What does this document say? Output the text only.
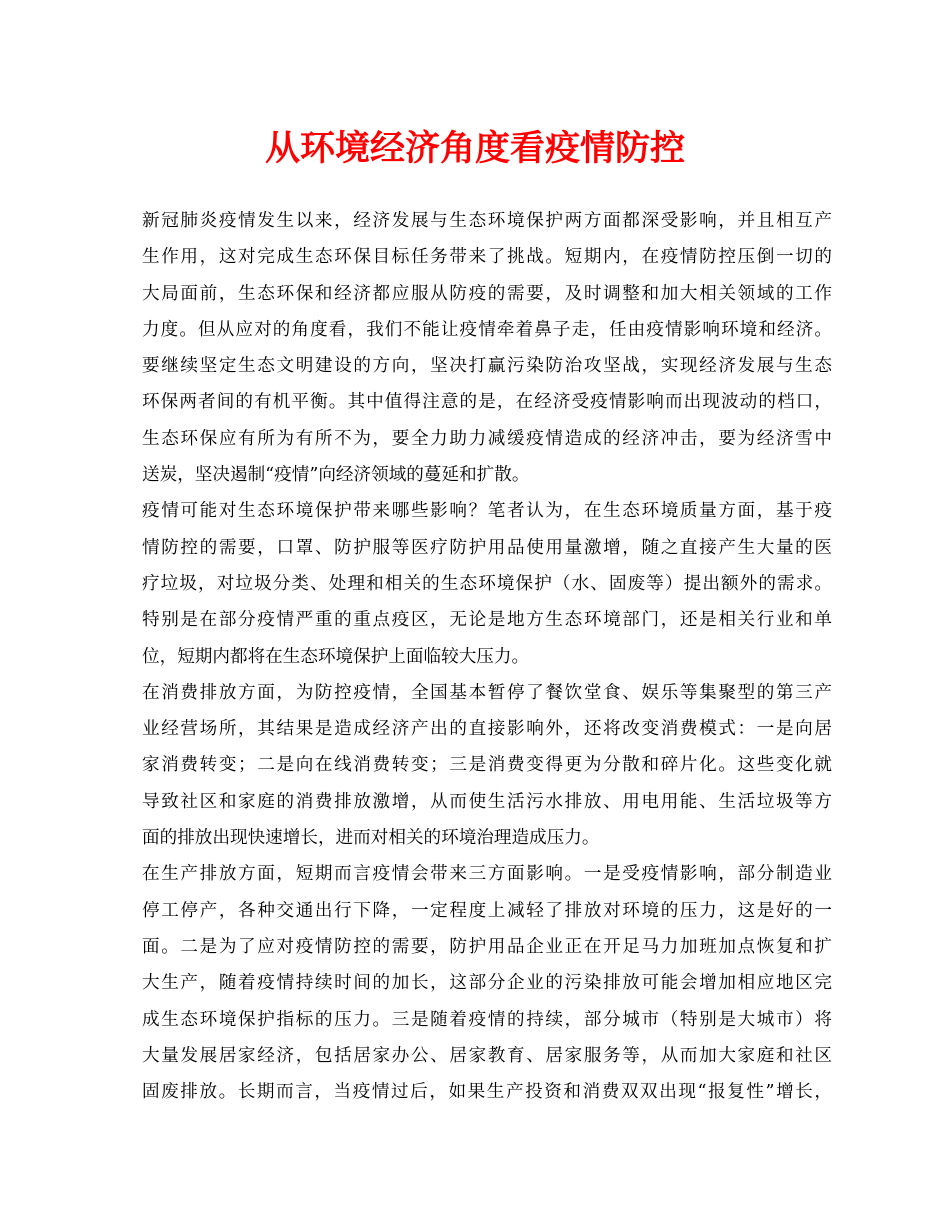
从环境经济角度看疫情防控
新冠肺炎疫情发生以来，经济发展与生态环境保护两方面都深受影响，并且相互产
生作用，这对完成生态环保目标任务带来了挑战。短期内，在疫情防控压倒一切的
大局面前，生态环保和经济都应服从防疫的需要，及时调整和加大相关领域的工作
力度。但从应对的角度看，我们不能让疫情牵着鼻子走，任由疫情影响环境和经济。
要继续坚定生态文明建设的方向，坚决打赢污染防治攻坚战，实现经济发展与生态
环保两者间的有机平衡。其中值得注意的是，在经济受疫情影响而出现波动的档口，
生态环保应有所为有所不为，要全力助力减缓疫情造成的经济冲击，要为经济雪中
送炭，坚决遏制“疫情”向经济领域的蔓延和扩散。
疫情可能对生态环境保护带来哪些影响？笔者认为，在生态环境质量方面，基于疫
情防控的需要，口罩、防护服等医疗防护用品使用量激增，随之直接产生大量的医
疗垃圾，对垃圾分类、处理和相关的生态环境保护（水、固废等）提出额外的需求。
特别是在部分疫情严重的重点疫区，无论是地方生态环境部门，还是相关行业和单
位，短期内都将在生态环境保护上面临较大压力。
在消费排放方面，为防控疫情，全国基本暂停了餐饮堂食、娱乐等集聚型的第三产
业经营场所，其结果是造成经济产出的直接影响外，还将改变消费模式：一是向居
家消费转变；二是向在线消费转变；三是消费变得更为分散和碎片化。这些变化就
导致社区和家庭的消费排放激增，从而使生活污水排放、用电用能、生活垃圾等方
面的排放出现快速增长，进而对相关的环境治理造成压力。
在生产排放方面，短期而言疫情会带来三方面影响。一是受疫情影响，部分制造业
停工停产，各种交通出行下降，一定程度上减轻了排放对环境的压力，这是好的一
面。二是为了应对疫情防控的需要，防护用品企业正在开足马力加班加点恢复和扩
大生产，随着疫情持续时间的加长，这部分企业的污染排放可能会增加相应地区完
成生态环境保护指标的压力。三是随着疫情的持续，部分城市（特别是大城市）将
大量发展居家经济，包括居家办公、居家教育、居家服务等，从而加大家庭和社区
固废排放。长期而言，当疫情过后，如果生产投资和消费双双出现“报复性”增长，
